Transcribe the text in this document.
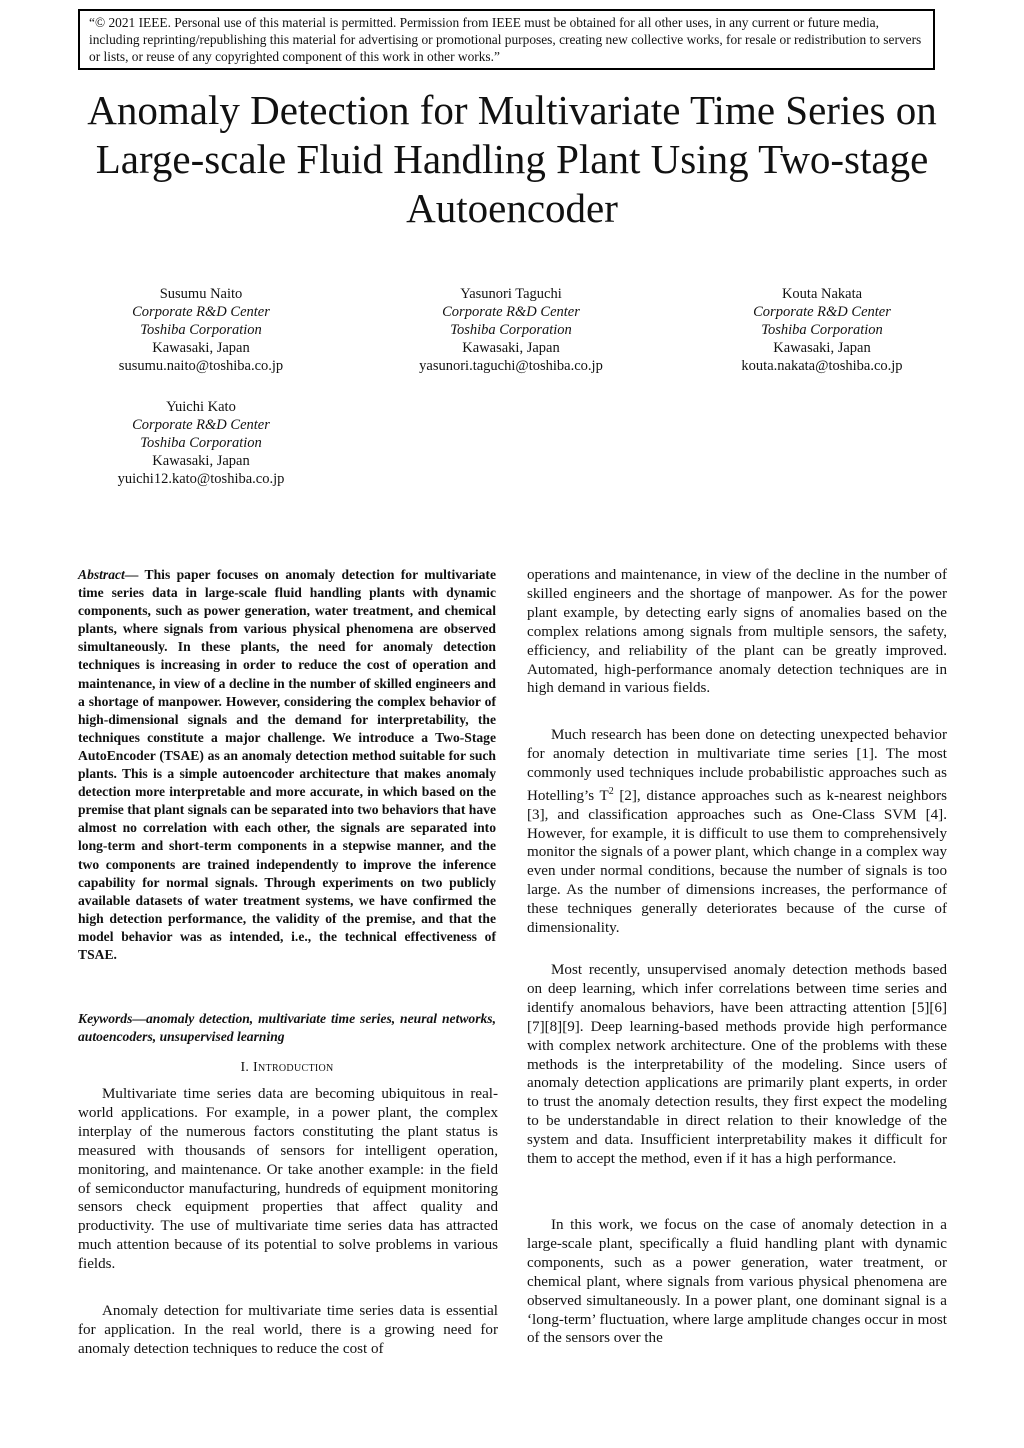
“© 2021 IEEE. Personal use of this material is permitted. Permission from IEEE must be obtained for all other uses, in any current or future media, including reprinting/republishing this material for advertising or promotional purposes, creating new collective works, for resale or redistribution to servers or lists, or reuse of any copyrighted component of this work in other works.”
Anomaly Detection for Multivariate Time Series on Large-scale Fluid Handling Plant Using Two-stage Autoencoder
Susumu Naito
Corporate R&D Center
Toshiba Corporation
Kawasaki, Japan
susumu.naito@toshiba.co.jp
Yasunori Taguchi
Corporate R&D Center
Toshiba Corporation
Kawasaki, Japan
yasunori.taguchi@toshiba.co.jp
Kouta Nakata
Corporate R&D Center
Toshiba Corporation
Kawasaki, Japan
kouta.nakata@toshiba.co.jp
Yuichi Kato
Corporate R&D Center
Toshiba Corporation
Kawasaki, Japan
yuichi12.kato@toshiba.co.jp

Abstract— This paper focuses on anomaly detection for multivariate time series data in large-scale fluid handling plants with dynamic components, such as power generation, water treatment, and chemical plants, where signals from various physical phenomena are observed simultaneously. In these plants, the need for anomaly detection techniques is increasing in order to reduce the cost of operation and maintenance, in view of a decline in the number of skilled engineers and a shortage of manpower. However, considering the complex behavior of high-dimensional signals and the demand for interpretability, the techniques constitute a major challenge. We introduce a Two-Stage AutoEncoder (TSAE) as an anomaly detection method suitable for such plants. This is a simple autoencoder architecture that makes anomaly detection more interpretable and more accurate, in which based on the premise that plant signals can be separated into two behaviors that have almost no correlation with each other, the signals are separated into long-term and short-term components in a stepwise manner, and the two components are trained independently to improve the inference capability for normal signals. Through experiments on two publicly available datasets of water treatment systems, we have confirmed the high detection performance, the validity of the premise, and that the model behavior was as intended, i.e., the technical effectiveness of TSAE.

Keywords—anomaly detection, multivariate time series, neural networks, autoencoders, unsupervised learning

I. Introduction

Multivariate time series data are becoming ubiquitous in real-world applications. For example, in a power plant, the complex interplay of the numerous factors constituting the plant status is measured with thousands of sensors for intelligent operation, monitoring, and maintenance. Or take another example: in the field of semiconductor manufacturing, hundreds of equipment monitoring sensors check equipment properties that affect quality and productivity. The use of multivariate time series data has attracted much attention because of its potential to solve problems in various fields.

Anomaly detection for multivariate time series data is essential for application. In the real world, there is a growing need for anomaly detection techniques to reduce the cost of

operations and maintenance, in view of the decline in the number of skilled engineers and the shortage of manpower. As for the power plant example, by detecting early signs of anomalies based on the complex relations among signals from multiple sensors, the safety, efficiency, and reliability of the plant can be greatly improved. Automated, high-performance anomaly detection techniques are in high demand in various fields.

Much research has been done on detecting unexpected behavior for anomaly detection in multivariate time series [1]. The most commonly used techniques include probabilistic approaches such as Hotelling’s $T^2$ [2], distance approaches such as k-nearest neighbors [3], and classification approaches such as One-Class SVM [4]. However, for example, it is difficult to use them to comprehensively monitor the signals of a power plant, which change in a complex way even under normal conditions, because the number of signals is too large. As the number of dimensions increases, the performance of these techniques generally deteriorates because of the curse of dimensionality.

Most recently, unsupervised anomaly detection methods based on deep learning, which infer correlations between time series and identify anomalous behaviors, have been attracting attention [5][6][7][8][9]. Deep learning-based methods provide high performance with complex network architecture. One of the problems with these methods is the interpretability of the modeling. Since users of anomaly detection applications are primarily plant experts, in order to trust the anomaly detection results, they first expect the modeling to be understandable in direct relation to their knowledge of the system and data. Insufficient interpretability makes it difficult for them to accept the method, even if it has a high performance.

In this work, we focus on the case of anomaly detection in a large-scale plant, specifically a fluid handling plant with dynamic components, such as a power generation, water treatment, or chemical plant, where signals from various physical phenomena are observed simultaneously. In a power plant, one dominant signal is a ‘long-term’ fluctuation, where large amplitude changes occur in most of the sensors over the
